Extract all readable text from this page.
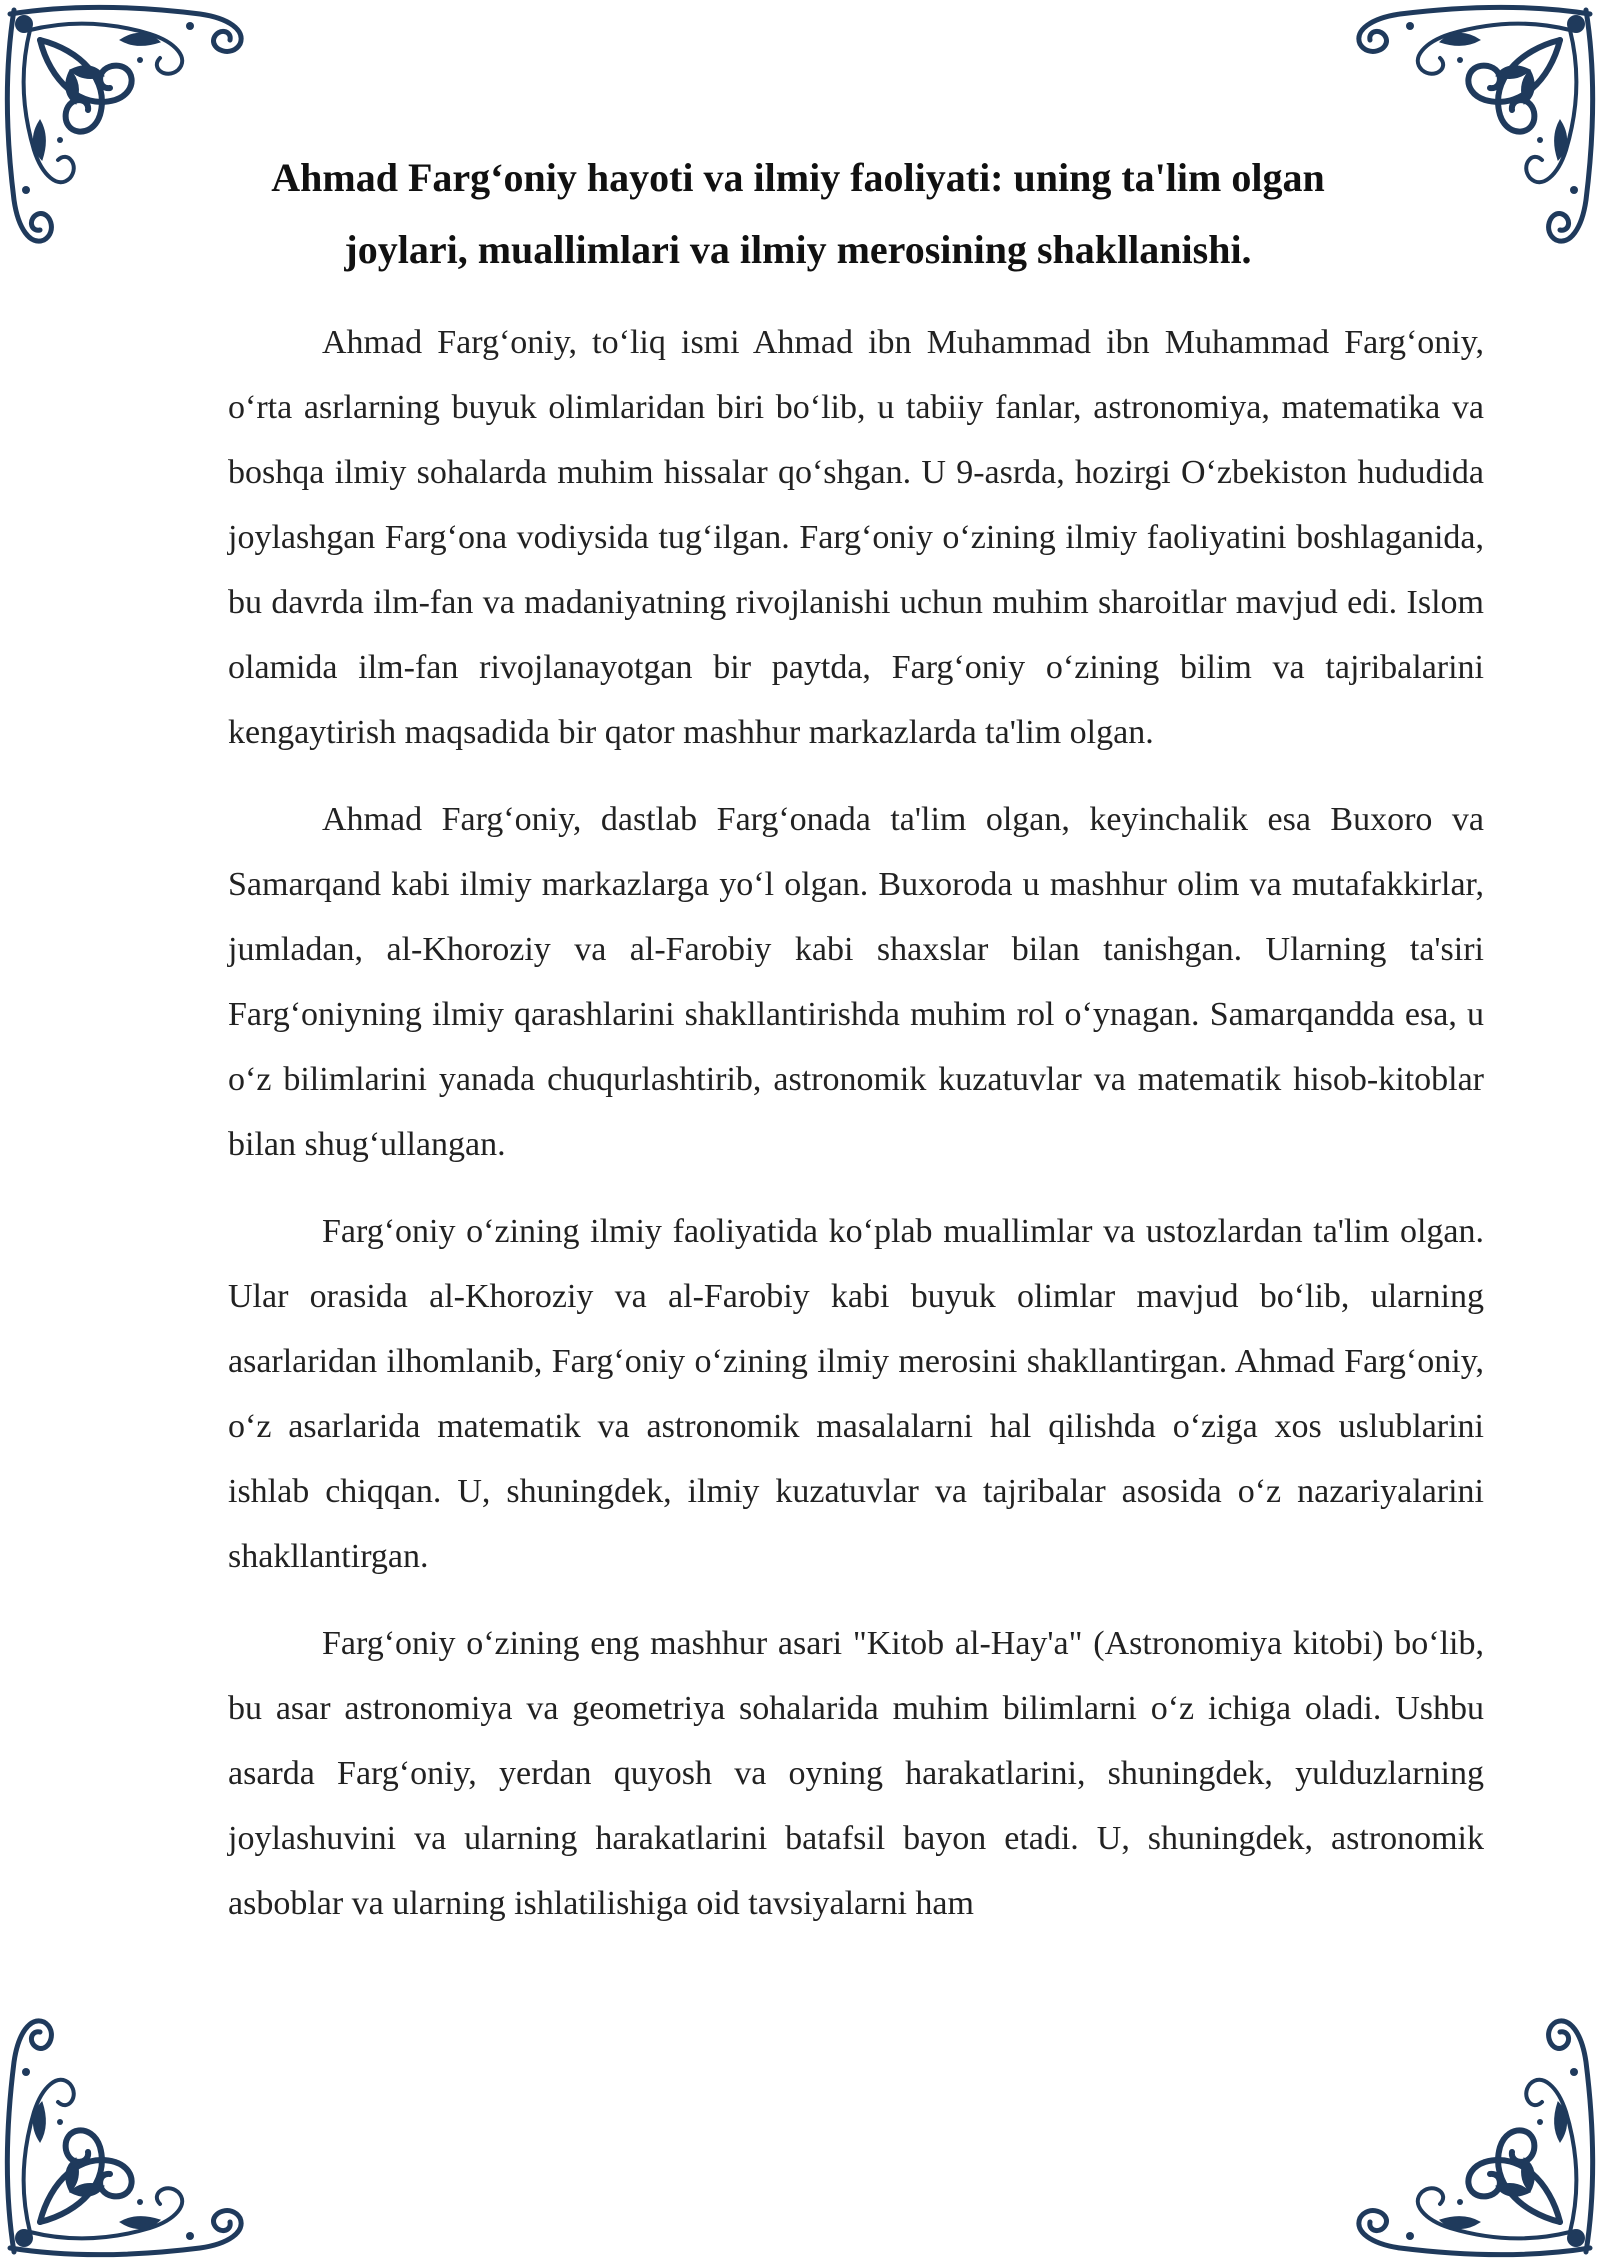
Ahmad Farg‘oniy hayoti va ilmiy faoliyati: uning ta'lim olgan joylari, muallimlari va ilmiy merosining shakllanishi.

Ahmad Farg‘oniy, to‘liq ismi Ahmad ibn Muhammad ibn Muhammad Farg‘oniy, o‘rta asrlarning buyuk olimlaridan biri bo‘lib, u tabiiy fanlar, astronomiya, matematika va boshqa ilmiy sohalarda muhim hissalar qo‘shgan. U 9-asrda, hozirgi O‘zbekiston hududida joylashgan Farg‘ona vodiysida tug‘ilgan. Farg‘oniy o‘zining ilmiy faoliyatini boshlaganida, bu davrda ilm-fan va madaniyatning rivojlanishi uchun muhim sharoitlar mavjud edi. Islom olamida ilm-fan rivojlanayotgan bir paytda, Farg‘oniy o‘zining bilim va tajribalarini kengaytirish maqsadida bir qator mashhur markazlarda ta'lim olgan.

Ahmad Farg‘oniy, dastlab Farg‘onada ta'lim olgan, keyinchalik esa Buxoro va Samarqand kabi ilmiy markazlarga yo‘l olgan. Buxoroda u mashhur olim va mutafakkirlar, jumladan, al-Khoroziy va al-Farobiy kabi shaxslar bilan tanishgan. Ularning ta'siri Farg‘oniyning ilmiy qarashlarini shakllantirishda muhim rol o‘ynagan. Samarqandda esa, u o‘z bilimlarini yanada chuqurlashtirib, astronomik kuzatuvlar va matematik hisob-kitoblar bilan shug‘ullangan.

Farg‘oniy o‘zining ilmiy faoliyatida ko‘plab muallimlar va ustozlardan ta'lim olgan. Ular orasida al-Khoroziy va al-Farobiy kabi buyuk olimlar mavjud bo‘lib, ularning asarlaridan ilhomlanib, Farg‘oniy o‘zining ilmiy merosini shakllantirgan. Ahmad Farg‘oniy, o‘z asarlarida matematik va astronomik masalalarni hal qilishda o‘ziga xos uslublarini ishlab chiqqan. U, shuningdek, ilmiy kuzatuvlar va tajribalar asosida o‘z nazariyalarini shakllantirgan.

Farg‘oniy o‘zining eng mashhur asari "Kitob al-Hay'a" (Astronomiya kitobi) bo‘lib, bu asar astronomiya va geometriya sohalarida muhim bilimlarni o‘z ichiga oladi. Ushbu asarda Farg‘oniy, yerdan quyosh va oyning harakatlarini, shuningdek, yulduzlarning joylashuvini va ularning harakatlarini batafsil bayon etadi. U, shuningdek, astronomik asboblar va ularning ishlatilishiga oid tavsiyalarni ham
